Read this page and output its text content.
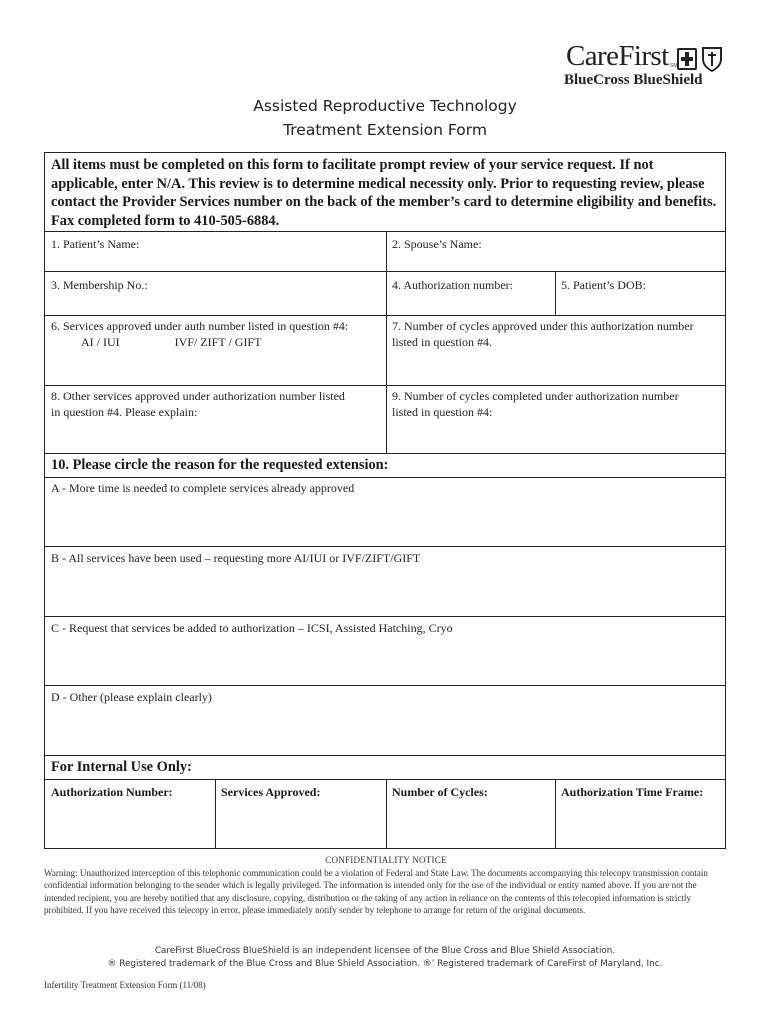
CareFirst SM
BlueCross BlueShield
Assisted Reproductive Technology
Treatment Extension Form
All items must be completed on this form to facilitate prompt review of your service request. If not applicable, enter N/A. This review is to determine medical necessity only. Prior to requesting review, please contact the Provider Services number on the back of the member’s card to determine eligibility and benefits. Fax completed form to 410-505-6884.
1. Patient’s Name:	2. Spouse’s Name:
3. Membership No.:	4. Authorization number:	5. Patient’s DOB:
6. Services approved under auth number listed in question #4:
AI / IUI	IVF/ ZIFT / GIFT
7. Number of cycles approved under this authorization number
listed in question #4.
8. Other services approved under authorization number listed
in question #4. Please explain:
9. Number of cycles completed under authorization number
listed in question #4:
10. Please circle the reason for the requested extension:
A - More time is needed to complete services already approved
B - All services have been used – requesting more AI/IUI or IVF/ZIFT/GIFT
C - Request that services be added to authorization – ICSI, Assisted Hatching, Cryo
D - Other (please explain clearly)
For Internal Use Only:
Authorization Number:	Services Approved:	Number of Cycles:	Authorization Time Frame:
CONFIDENTIALITY NOTICE
Warning: Unauthorized interception of this telephonic communication could be a violation of Federal and State Law. The documents accompanying this telecopy transmission contain confidential information belonging to the sender which is legally privileged. The information is intended only for the use of the individual or entity named above. If you are not the intended recipient, you are hereby notified that any disclosure, copying, distribution or the taking of any action in reliance on the contents of this telecopied information is strictly prohibited. If you have received this telecopy in error, please immediately notify sender by telephone to arrange for return of the original documents.
CareFirst BlueCross BlueShield is an independent licensee of the Blue Cross and Blue Shield Association.
® Registered trademark of the Blue Cross and Blue Shield Association. ®’ Registered trademark of CareFirst of Maryland, Inc.
Infertility Treatment Extension Form (11/08)
